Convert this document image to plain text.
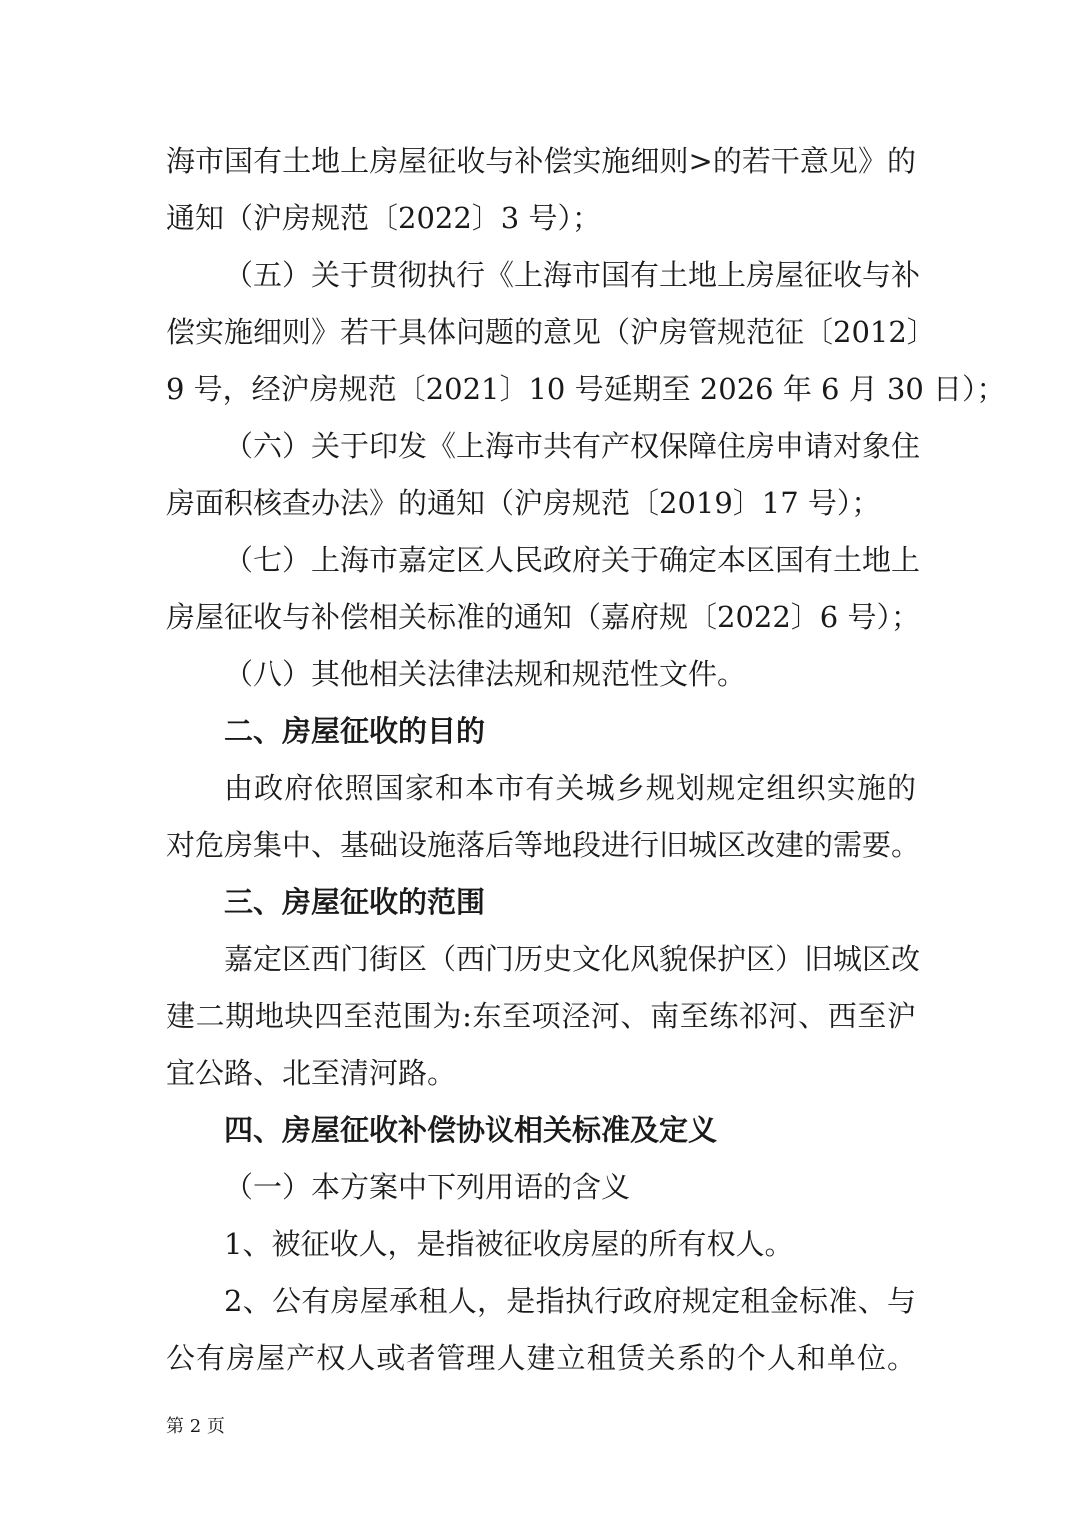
海市国有土地上房屋征收与补偿实施细则>的若干意见》的
通知（沪房规范〔2022〕3 号）；
（五）关于贯彻执行《上海市国有土地上房屋征收与补
偿实施细则》若干具体问题的意见（沪房管规范征〔2012〕
9 号，经沪房规范〔2021〕10 号延期至 2026 年 6 月 30 日）；
（六）关于印发《上海市共有产权保障住房申请对象住
房面积核查办法》的通知（沪房规范〔2019〕17 号）；
（七）上海市嘉定区人民政府关于确定本区国有土地上
房屋征收与补偿相关标准的通知（嘉府规〔2022〕6 号）；
（八）其他相关法律法规和规范性文件。
二、房屋征收的目的
由政府依照国家和本市有关城乡规划规定组织实施的
对危房集中、基础设施落后等地段进行旧城区改建的需要。
三、房屋征收的范围
嘉定区西门街区（西门历史文化风貌保护区）旧城区改
建二期地块四至范围为:东至项泾河、南至练祁河、西至沪
宜公路、北至清河路。
四、房屋征收补偿协议相关标准及定义
（一）本方案中下列用语的含义
1、被征收人，是指被征收房屋的所有权人。
2、公有房屋承租人，是指执行政府规定租金标准、与
公有房屋产权人或者管理人建立租赁关系的个人和单位。
第 2 页
